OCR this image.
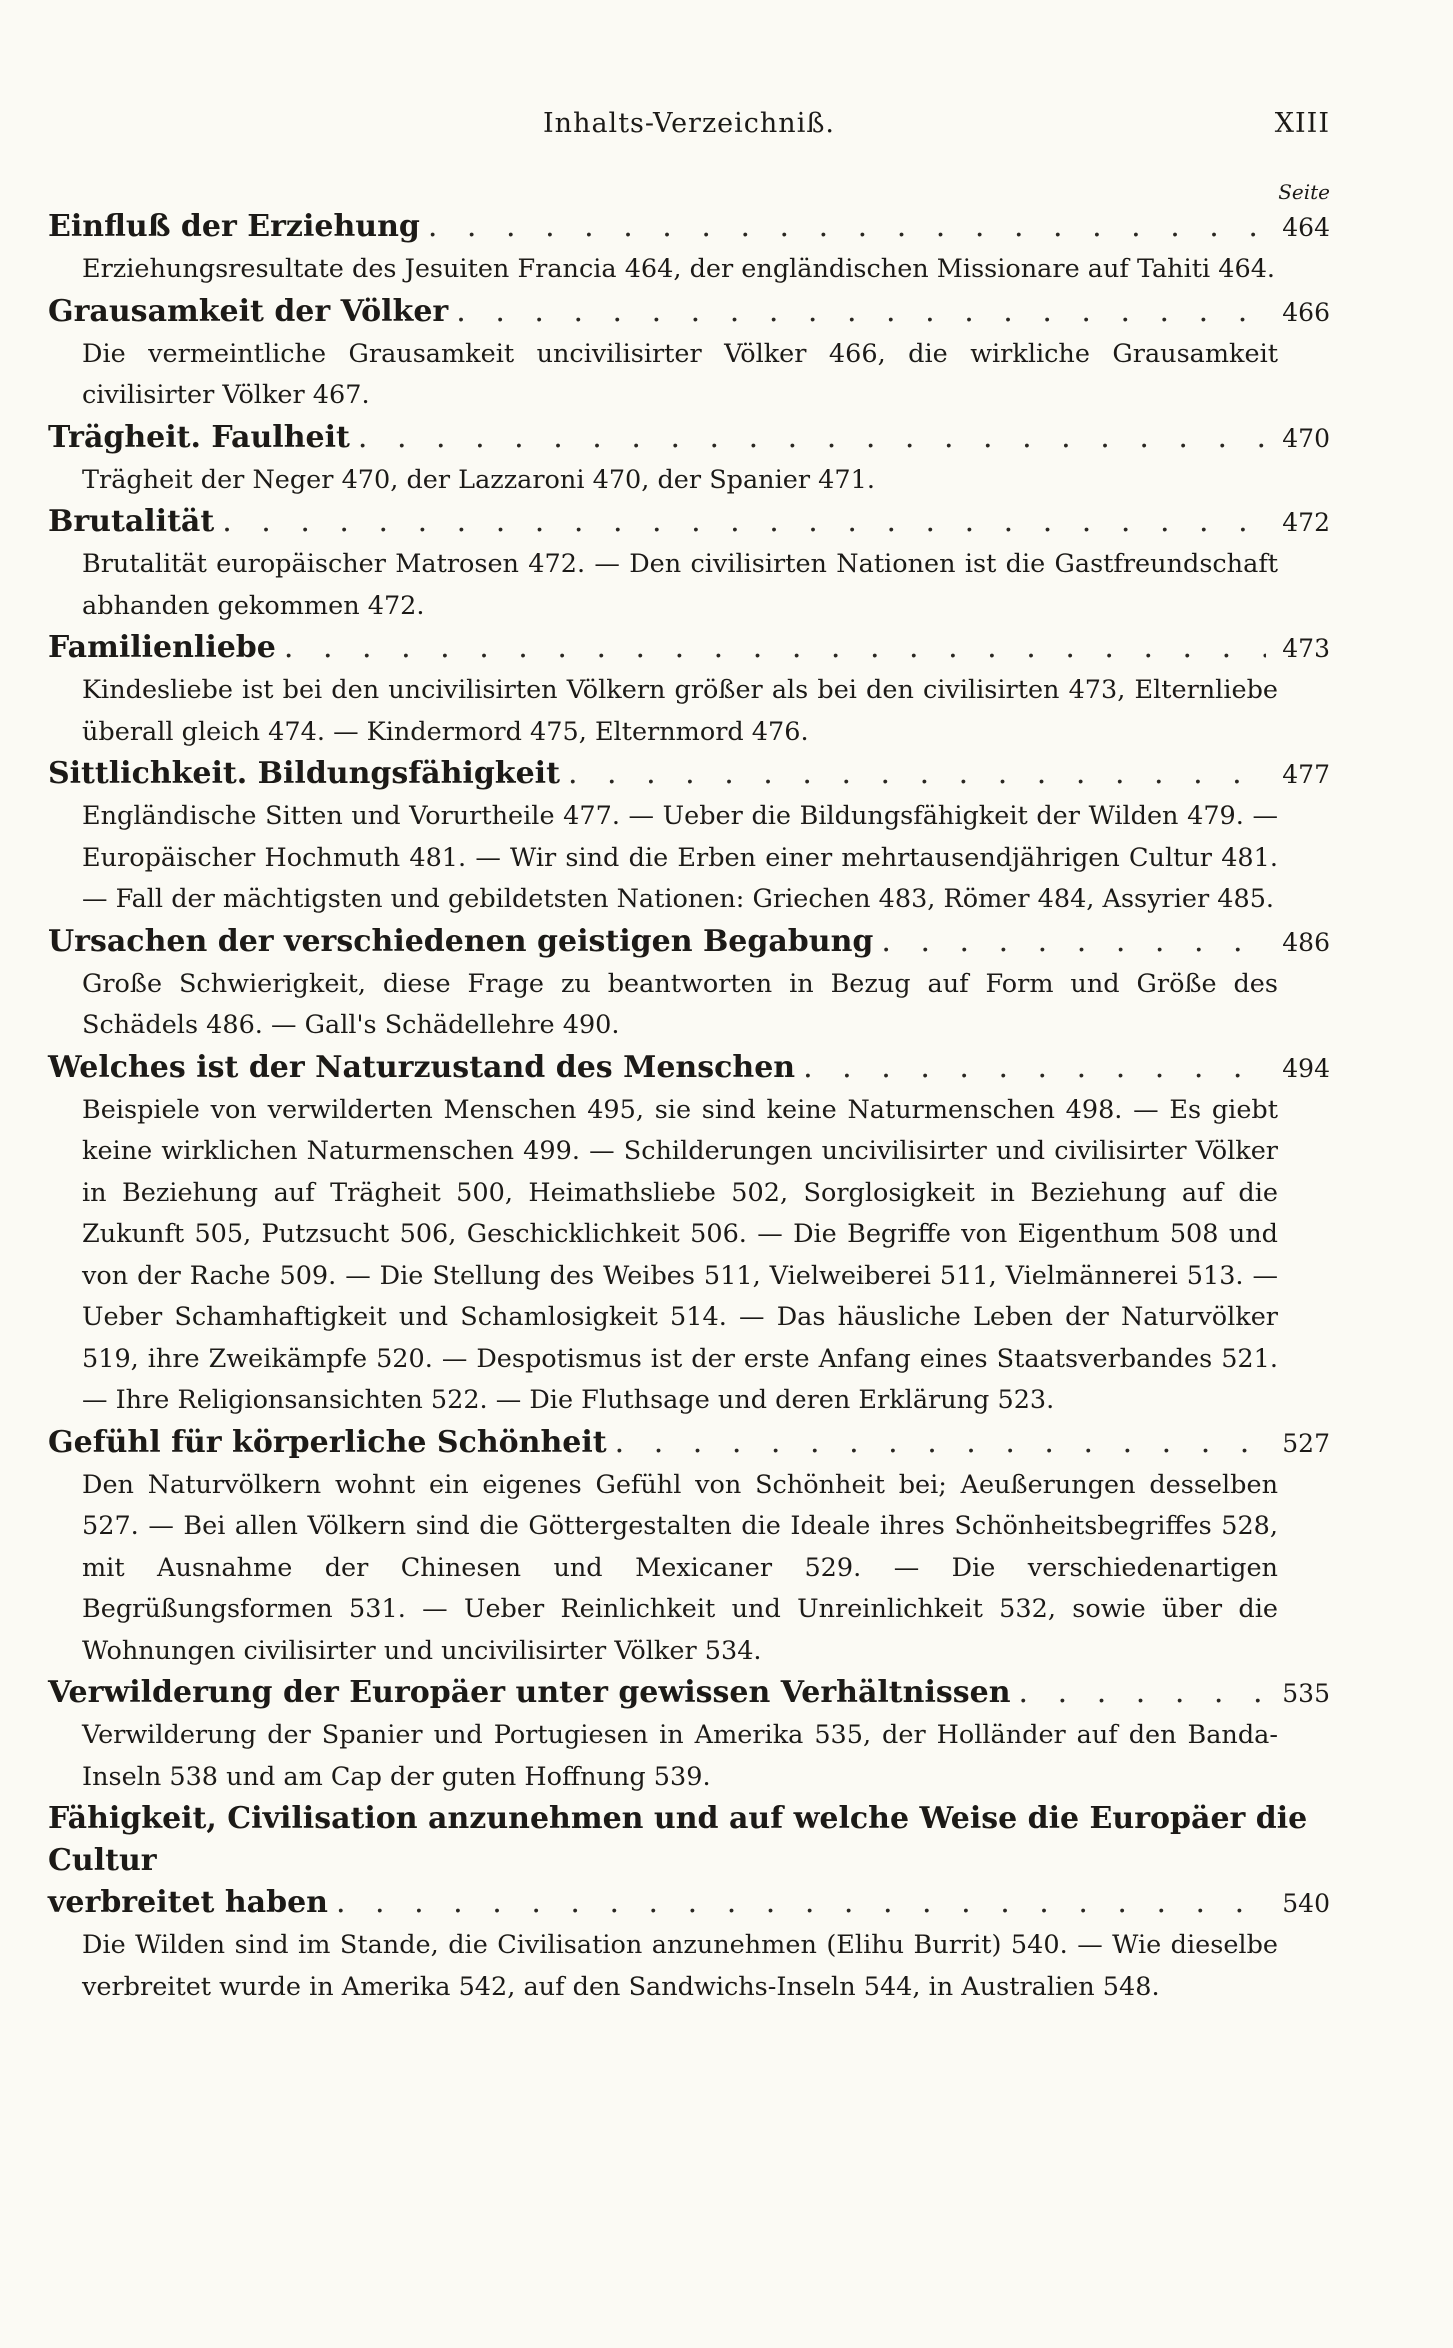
Inhalts-Verzeichniß.	XIII
Seite
Einfluß der Erziehung . . .	464
Erziehungsresultate des Jesuiten Francia 464, der engländischen Missionare auf Tahiti 464.
Grausamkeit der Völker . . .	466
Die vermeintliche Grausamkeit uncivilisirter Völker 466, die wirkliche Grausamkeit civilisirter Völker 467.
Trägheit. Faulheit . . .	470
Trägheit der Neger 470, der Lazzaroni 470, der Spanier 471.
Brutalität . . .	472
Brutalität europäischer Matrosen 472. — Den civilisirten Nationen ist die Gastfreundschaft abhanden gekommen 472.
Familienliebe . . .	473
Kindesliebe ist bei den uncivilisirten Völkern größer als bei den civilisirten 473, Elternliebe überall gleich 474. — Kindermord 475, Elternmord 476.
Sittlichkeit. Bildungsfähigkeit . . .	477
Engländische Sitten und Vorurtheile 477. — Ueber die Bildungsfähigkeit der Wilden 479. — Europäischer Hochmuth 481. — Wir sind die Erben einer mehrtausendjährigen Cultur 481. — Fall der mächtigsten und gebildetsten Nationen: Griechen 483, Römer 484, Assyrier 485.
Ursachen der verschiedenen geistigen Begabung . . .	486
Große Schwierigkeit, diese Frage zu beantworten in Bezug auf Form und Größe des Schädels 486. — Gall's Schädellehre 490.
Welches ist der Naturzustand des Menschen . . .	494
Beispiele von verwilderten Menschen 495, sie sind keine Naturmenschen 498. — Es giebt keine wirklichen Naturmenschen 499. — Schilderungen uncivilisirter und civilisirter Völker in Beziehung auf Trägheit 500, Heimathsliebe 502, Sorglosigkeit in Beziehung auf die Zukunft 505, Putzsucht 506, Geschicklichkeit 506. — Die Begriffe von Eigenthum 508 und von der Rache 509. — Die Stellung des Weibes 511, Vielweiberei 511, Vielmännerei 513. — Ueber Schamhaftigkeit und Schamlosigkeit 514. — Das häusliche Leben der Naturvölker 519, ihre Zweikämpfe 520. — Despotismus ist der erste Anfang eines Staatsverbandes 521. — Ihre Religionsansichten 522. — Die Fluthsage und deren Erklärung 523.
Gefühl für körperliche Schönheit . . .	527
Den Naturvölkern wohnt ein eigenes Gefühl von Schönheit bei; Aeußerungen desselben 527. — Bei allen Völkern sind die Göttergestalten die Ideale ihres Schönheitsbegriffes 528, mit Ausnahme der Chinesen und Mexicaner 529. — Die verschiedenartigen Begrüßungsformen 531. — Ueber Reinlichkeit und Unreinlichkeit 532, sowie über die Wohnungen civilisirter und uncivilisirter Völker 534.
Verwilderung der Europäer unter gewissen Verhältnissen . . .	535
Verwilderung der Spanier und Portugiesen in Amerika 535, der Holländer auf den Banda-Inseln 538 und am Cap der guten Hoffnung 539.
Fähigkeit, Civilisation anzunehmen und auf welche Weise die Europäer die Cultur
verbreitet haben . . .	540
Die Wilden sind im Stande, die Civilisation anzunehmen (Elihu Burrit) 540. — Wie dieselbe verbreitet wurde in Amerika 542, auf den Sandwichs-Inseln 544, in Australien 548.
